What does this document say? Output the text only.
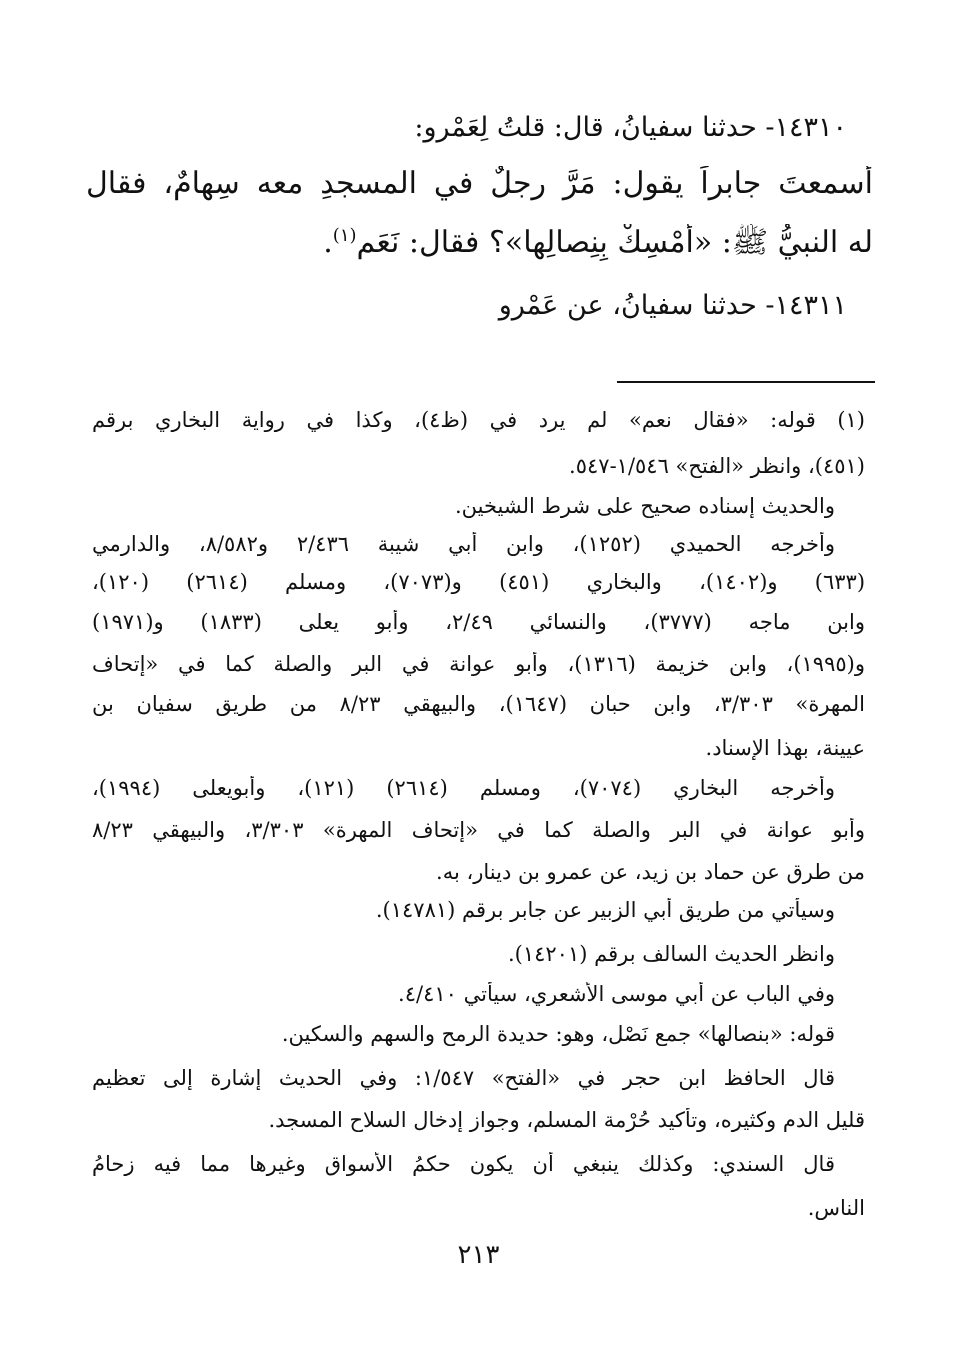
١٤٣١٠- حدثنا سفيانُ، قال: قلتُ لِعَمْرو:
أسمعتَ جابراً يقول: مَرَّ رجلٌ في المسجدِ معه سِهامٌ، فقال
له النبيُّ ﷺ: «أَمْسِكْ بِنِصالِها»؟ فقال: نَعَم$^{(١)}$.
١٤٣١١- حدثنا سفيانُ، عن عَمْرو
(١) قوله: «فقال نعم» لم يرد في (ظ٤)، وكذا في رواية البخاري برقم
(٤٥١)، وانظر «الفتح» ١/٥٤٦-٥٤٧.
والحديث إسناده صحيح على شرط الشيخين.
وأخرجه الحميدي (١٢٥٢)، وابن أبي شيبة ٢/٤٣٦ و٨/٥٨٢، والدارمي
(٦٣٣) و(١٤٠٢)، والبخاري (٤٥١) و(٧٠٧٣)، ومسلم (٢٦١٤) (١٢٠)،
وابن ماجه (٣٧٧٧)، والنسائي ٢/٤٩، وأبو يعلى (١٨٣٣) و(١٩٧١)
و(١٩٩٥)، وابن خزيمة (١٣١٦)، وأبو عوانة في البر والصلة كما في «إتحاف
المهرة» ٣/٣٠٣، وابن حبان (١٦٤٧)، والبيهقي ٨/٢٣ من طريق سفيان بن
عيينة، بهذا الإسناد.
وأخرجه البخاري (٧٠٧٤)، ومسلم (٢٦١٤) (١٢١)، وأبويعلى (١٩٩٤)،
وأبو عوانة في البر والصلة كما في «إتحاف المهرة» ٣/٣٠٣، والبيهقي ٨/٢٣
من طرق عن حماد بن زيد، عن عمرو بن دينار، به.
وسيأتي من طريق أبي الزبير عن جابر برقم (١٤٧٨١).
وانظر الحديث السالف برقم (١٤٢٠١).
وفي الباب عن أبي موسى الأشعري، سيأتي ٤/٤١٠.
قوله: «بنصالها» جمع نَصْل، وهو: حديدة الرمح والسهم والسكين.
قال الحافظ ابن حجر في «الفتح» ١/٥٤٧: وفي الحديث إشارة إلى تعظيم
قليل الدم وكثيره، وتأكيد حُرْمة المسلم، وجواز إدخال السلاح المسجد.
قال السندي: وكذلك ينبغي أن يكون حكمُ الأسواق وغيرها مما فيه زِحامُ
الناس.
٢١٣
